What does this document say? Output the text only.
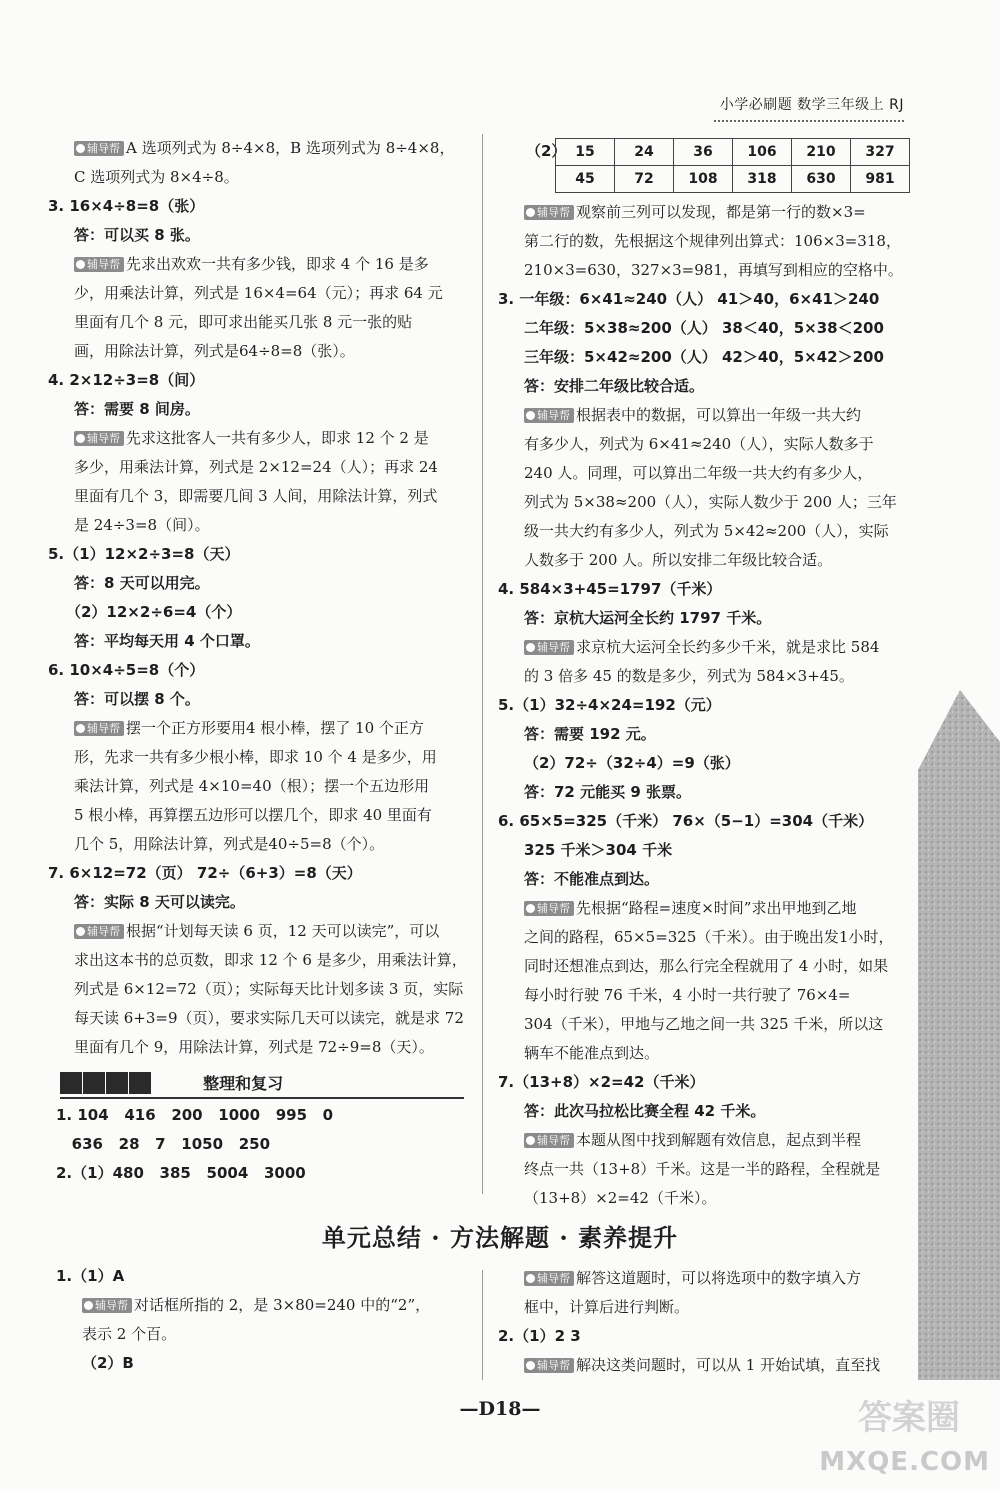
小学必刷题 数学三年级上 RJ
辅导帮 A 选项列式为 8÷4×8，B 选项列式为 8÷4×8，
C 选项列式为 8×4÷8。
3. 16×4÷8=8（张）
答：可以买 8 张。
辅导帮 先求出欢欢一共有多少钱，即求 4 个 16 是多
少，用乘法计算，列式是 16×4=64（元）；再求 64 元
里面有几个 8 元，即可求出能买几张 8 元一张的贴
画，用除法计算，列式是64÷8=8（张）。
4. 2×12÷3=8（间）
答：需要 8 间房。
辅导帮 先求这批客人一共有多少人，即求 12 个 2 是
多少，用乘法计算，列式是 2×12=24（人）；再求 24
里面有几个 3，即需要几间 3 人间，用除法计算，列式
是 24÷3=8（间）。
5.（1）12×2÷3=8（天）
答：8 天可以用完。
（2）12×2÷6=4（个）
答：平均每天用 4 个口罩。
6. 10×4÷5=8（个）
答：可以摆 8 个。
辅导帮 摆一个正方形要用4 根小棒，摆了 10 个正方
形，先求一共有多少根小棒，即求 10 个 4 是多少，用
乘法计算，列式是 4×10=40（根）；摆一个五边形用
5 根小棒，再算摆五边形可以摆几个，即求 40 里面有
几个 5，用除法计算，列式是40÷5=8（个）。
7. 6×12=72（页） 72÷（6+3）=8（天）
答：实际 8 天可以读完。
辅导帮 根据“计划每天读 6 页，12 天可以读完”，可以
求出这本书的总页数，即求 12 个 6 是多少，用乘法计算，
列式是 6×12=72（页）；实际每天比计划多读 3 页，实际
每天读 6+3=9（页），要求实际几天可以读完，就是求 72
里面有几个 9，用除法计算，列式是 72÷9=8（天）。
整理和复习
1. 104   416   200   1000   995   0
636   28   7   1050   250
2.（1）480   385   5004   3000
（2） 15	24	36	106	210	327
45	72	108	318	630	981
辅导帮 观察前三列可以发现，都是第一行的数×3=
第二行的数，先根据这个规律列出算式：106×3=318，
210×3=630，327×3=981，再填写到相应的空格中。
3. 一年级：6×41≈240（人） 41＞40，6×41＞240
二年级：5×38≈200（人） 38＜40，5×38＜200
三年级：5×42≈200（人） 42＞40，5×42＞200
答：安排二年级比较合适。
辅导帮 根据表中的数据，可以算出一年级一共大约
有多少人，列式为 6×41≈240（人），实际人数多于
240 人。同理，可以算出二年级一共大约有多少人，
列式为 5×38≈200（人），实际人数少于 200 人；三年
级一共大约有多少人，列式为 5×42≈200（人），实际
人数多于 200 人。所以安排二年级比较合适。
4. 584×3+45=1797（千米）
答：京杭大运河全长约 1797 千米。
辅导帮 求京杭大运河全长约多少千米，就是求比 584
的 3 倍多 45 的数是多少，列式为 584×3+45。
5.（1）32÷4×24=192（元）
答：需要 192 元。
（2）72÷（32÷4）=9（张）
答：72 元能买 9 张票。
6. 65×5=325（千米） 76×（5−1）=304（千米）
325 千米＞304 千米
答：不能准点到达。
辅导帮 先根据“路程=速度×时间”求出甲地到乙地
之间的路程，65×5=325（千米）。由于晚出发1小时，
同时还想准点到达，那么行完全程就用了 4 小时，如果
每小时行驶 76 千米，4 小时一共行驶了 76×4=
304（千米），甲地与乙地之间一共 325 千米，所以这
辆车不能准点到达。
7.（13+8）×2=42（千米）
答：此次马拉松比赛全程 42 千米。
辅导帮 本题从图中找到解题有效信息，起点到半程
终点一共（13+8）千米。这是一半的路程，全程就是
（13+8）×2=42（千米）。
单元总结 · 方法解题 · 素养提升
1.（1）A
辅导帮 对话框所指的 2，是 3×80=240 中的“2”，
表示 2 个百。
（2）B
辅导帮 解答这道题时，可以将选项中的数字填入方
框中，计算后进行判断。
2.（1）2 3
辅导帮 解决这类问题时，可以从 1 开始试填，直至找
—D18—	答案圈
MXQE.COM
